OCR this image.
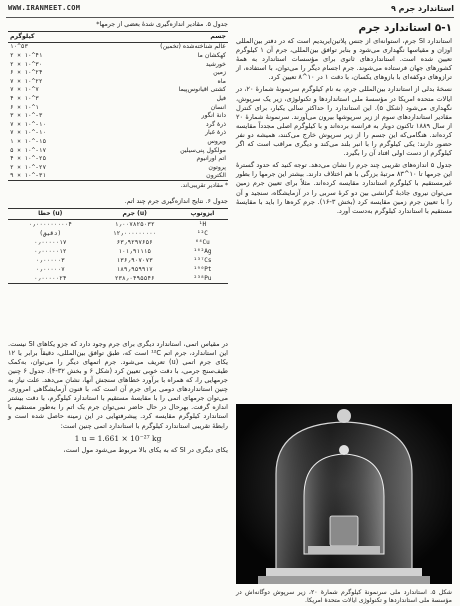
استاندارد جرم ٩
WWW.IRANMEET.COM
۵-۱ استاندارد جرم

استاندارد SI جرم، استوانه‌ای از جنس پلاتین‌ایریدیم است که در دفتر بین‌المللی اوزان و مقیاسها نگهداری می‌شود و بنابر توافق بین‌المللی، جرم آن ۱ کیلوگرم تعیین شده است. استانداردهای ثانوی برای مؤسسات استاندارد به همهٔ کشورهای جهان فرستاده می‌شوند. جرم اجسام دیگر را می‌توان، با استفاده، از ترازوهای دوکفه‌ای با بازوهای یکسان، با دقت ۱ در ۱۰^۸ تعیین کرد.

نسخهٔ بدلی از استاندارد بین‌المللی جرم، به نام کیلوگرم سرنمونهٔ شمارهٔ ۲۰، در ایالات متحده امریکا در مؤسسهٔ ملی استانداردها و تکنولوژی، زیر یک سرپوش، نگهداری می‌شود (شکل ۵). این استاندارد را حداکثر سالی یکبار، برای کنترل مقادیر استانداردهای سوم از زیر سرپوشها بیرون می‌آورند. سرنمونهٔ شمارهٔ ۲۰ از سال ۱۸۸۹ تاکنون دوبار به فرانسه برده‌اند و با کیلوگرم اصلی مجدداً مقایسه کرده‌اند. هنگامی‌که این جسم را از زیر سرپوش خارج می‌کنند، همیشه دو نفر حضور دارند: یکی کیلوگرم را با انبر بلند می‌کند و دیگری مراقب است که اگر کیلوگرم از دست اولی افتاد آن را بگیرد.

جدول ۵ اندازه‌های تقریبی چند جرم را نشان می‌دهد. توجه کنید که حدود گسترهٔ این جرمها تا ۱۰^۸۳ مرتبهٔ بزرگی با هم اختلاف دارند. بیشتر این جرمها را بطور غیرمستقیم با کیلوگرم استاندارد مقایسه کرده‌اند. مثلاً برای تعیین جرم زمین می‌توان نیروی جاذبهٔ گرانشی بین دو کرهٔ سربی را در آزمایشگاه، سنجید و آن را با تعیین جرم زمین مقایسه کرد (بخش ۳-۱۶). جرم کره‌ها را باید با مقایسهٔ مستقیم با استاندارد کیلوگرم به‌دست آورد.

شکل ۵. استاندارد ملی سرنمونهٔ کیلوگرم شمارهٔ ۲۰، زیر سرپوش دوگانه‌اش در مؤسسهٔ ملی استانداردها و تکنولوژی ایالات متحدهٔ امریکا.
جدول ۵. مقادیر اندازه‌گیری شدهٔ بعضی از جرمها*
کیلوگرم	جسم
۱۰^۵۳	عالم شناخته‌شده (تخمین)
۲ × ۱۰^۴۱	کهکشان ما
۲ × ۱۰^۳۰	خورشید
۶ × ۱۰^۲۴	زمین
۷ × ۱۰^۲۲	ماه
۷ × ۱۰^۷	کشتی اقیانوس‌پیما
۴ × ۱۰^۳	فیل
۶ × ۱۰^۱	انسان
۳ × ۱۰^-۳	دانهٔ انگور
۷ × ۱۰^-۱۰	ذرهٔ گرد
۷ × ۱۰^-۱۰	ذرهٔ غبار
۱ × ۱۰^-۱۵	ویروس
۵ × ۱۰^-۱۷	مولکول پنی‌سیلین
۴ × ۱۰^-۲۵	اتم اورانیوم
۲ × ۱۰^-۲۷	پروتون
۹ × ۱۰^-۳۱	الکترون
* مقادیر تقریبی‌اند.
جدول ۶. نتایج اندازه‌گیری جرم چند اتم.
خطا (u)	جرم (u)	ایزوتوپ
۰٫۰۰۰۰۰۰۰۰۰۴	۱٫۰۰۷۸۲۵۰۳۲	¹H
(دقیق)	۱۲٫۰۰۰۰۰۰۰۰۰	¹²C
۰٫۰۰۰۰۰۱۷	۶۳٫۹۲۹۷۶۵۶	⁶⁴Cu
۰٫۰۰۰۰۰۱۲	۱۰۱٫۹۱۱۱۵	¹⁰²Ag
۰٫۰۰۰۰۰۳	۱۳۶٫۹۰۷۰۷۳	¹³⁷Cs
۰٫۰۰۰۰۰۷	۱۸۹٫۹۵۹۹۱۷	¹⁹⁰Pt
۰٫۰۰۰۰۰۲۴	۲۳۸٫۰۴۹۵۵۴۶	²³⁸Pu

در مقیاس اتمی، استاندارد دیگری برای جرم وجود دارد که جزو یکاهای SI نیست. این استاندارد، جرم اتم ¹²C است که، طبق توافق بین‌المللی، دقیقاً برابر با ۱۲ یکای جرم اتمی (u) تعریف می‌شود. جرم اتمهای دیگر را می‌توان، به‌کمک طیف‌سنج جرمی، با دقت خوبی تعیین کرد (شکل ۶ و بخش ۳۲-۴). جدول ۶ چنین جرمهایی را، که همراه با برآورد خطاهای سنجش آنها، نشان می‌دهد. علت نیاز به چنین استانداردهای دومی برای جرم آن است که، با فنون آزمایشگاهی امروزی، می‌توان جرمهای اتمی را با مقایسهٔ مستقیم با استاندارد کیلوگرم، با دقت بیشتر اندازه گرفت. بهرحال در حال حاضر نمی‌توان جرم یک اتم را به‌طور مستقیم با استاندارد کیلوگرم مقایسه کرد. پیشرفتهایی در این زمینه حاصل شده است و رابطهٔ تقریبی استاندارد کیلوگرم با استاندارد اتمی چنین است:

1 u = 1.661 × 10⁻²⁷ kg

یکای دیگری در SI که به یکای بالا مربوط می‌شود مول است،
